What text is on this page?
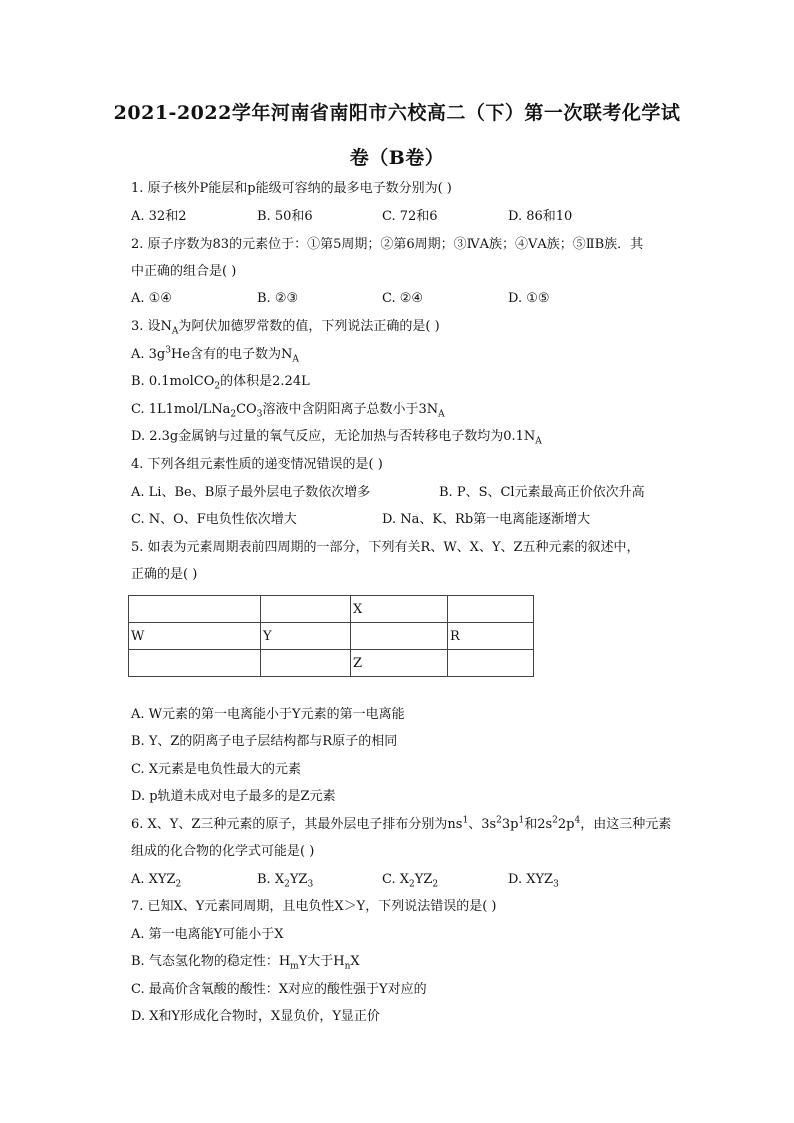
2021-2022学年河南省南阳市六校高二（下）第一次联考化学试
卷（B卷）
1. 原子核外P能层和p能级可容纳的最多电子数分别为( )
A. 32和2	B. 50和6	C. 72和6	D. 86和10
2. 原子序数为83的元素位于：①第5周期；②第6周期；③ⅣA族；④ⅤA族；⑤ⅡB族．其
中正确的组合是( )
A. ①④	B. ②③	C. ②④	D. ①⑤
3. 设$N_A$为阿伏加德罗常数的值，下列说法正确的是( )
A. $3g^3He$含有的电子数为$N_A$
B. 0.1molCO$_2$的体积是2.24L
C. $1L1mol/LNa_2CO_3$溶液中含阴阳离子总数小于$3N_A$
D. 2.3g金属钠与过量的氧气反应，无论加热与否转移电子数均为$0.1N_A$
4. 下列各组元素性质的递变情况错误的是( )
A. Li、Be、B原子最外层电子数依次增多	B. P、S、Cl元素最高正价依次升高
C. N、O、F电负性依次增大	D. Na、K、Rb第一电离能逐渐增大
5. 如表为元素周期表前四周期的一部分，下列有关R、W、X、Y、Z五种元素的叙述中，
正确的是( )
		X	
W	Y		R
		Z	
A. W元素的第一电离能小于Y元素的第一电离能
B. Y、Z的阴离子电子层结构都与R原子的相同
C. X元素是电负性最大的元素
D. p轨道未成对电子最多的是Z元素
6. X、Y、Z三种元素的原子，其最外层电子排布分别为$ns^1$、$3s^23p^1$和$2s^22p^4$，由这三种元素
组成的化合物的化学式可能是( )
A. $XYZ_2$	B. $X_2YZ_3$	C. $X_2YZ_2$	D. $XYZ_3$
7. 已知X、Y元素同周期，且电负性X＞Y，下列说法错误的是( )
A. 第一电离能Y可能小于X
B. 气态氢化物的稳定性：$H_mY$大于$H_nX$
C. 最高价含氧酸的酸性：X对应的酸性强于Y对应的
D. X和Y形成化合物时，X显负价，Y显正价
